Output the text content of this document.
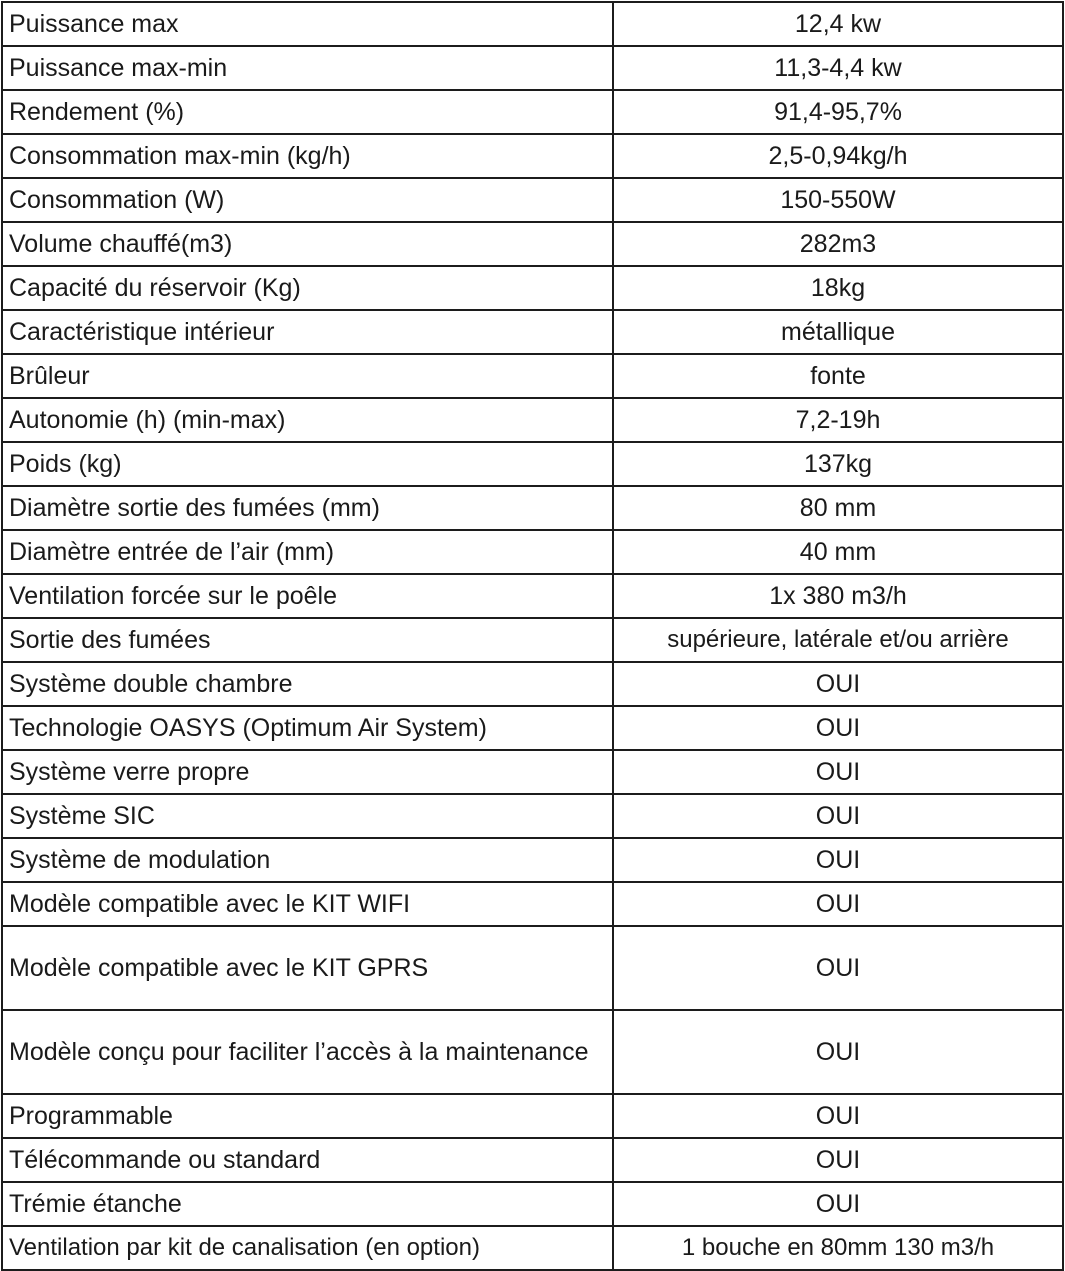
Puissance max	12,4 kw
Puissance max-min	11,3-4,4 kw
Rendement (%)	91,4-95,7%
Consommation max-min (kg/h)	2,5-0,94kg/h
Consommation (W)	150-550W
Volume chauffé(m3)	282m3
Capacité du réservoir (Kg)	18kg
Caractéristique intérieur	métallique
Brûleur	fonte
Autonomie (h) (min-max)	7,2-19h
Poids (kg)	137kg
Diamètre sortie des fumées (mm)	80 mm
Diamètre entrée de l’air (mm)	40 mm
Ventilation forcée sur le poêle	1x 380 m3/h
Sortie des fumées	supérieure, latérale et/ou arrière
Système double chambre	OUI
Technologie OASYS (Optimum Air System)	OUI
Système verre propre	OUI
Système SIC	OUI
Système de modulation	OUI
Modèle compatible avec le KIT WIFI	OUI
Modèle compatible avec le KIT GPRS	OUI
Modèle conçu pour faciliter l’accès à la maintenance	OUI
Programmable	OUI
Télécommande ou standard	OUI
Trémie étanche	OUI
Ventilation par kit de canalisation (en option)	1 bouche en 80mm 130 m3/h
